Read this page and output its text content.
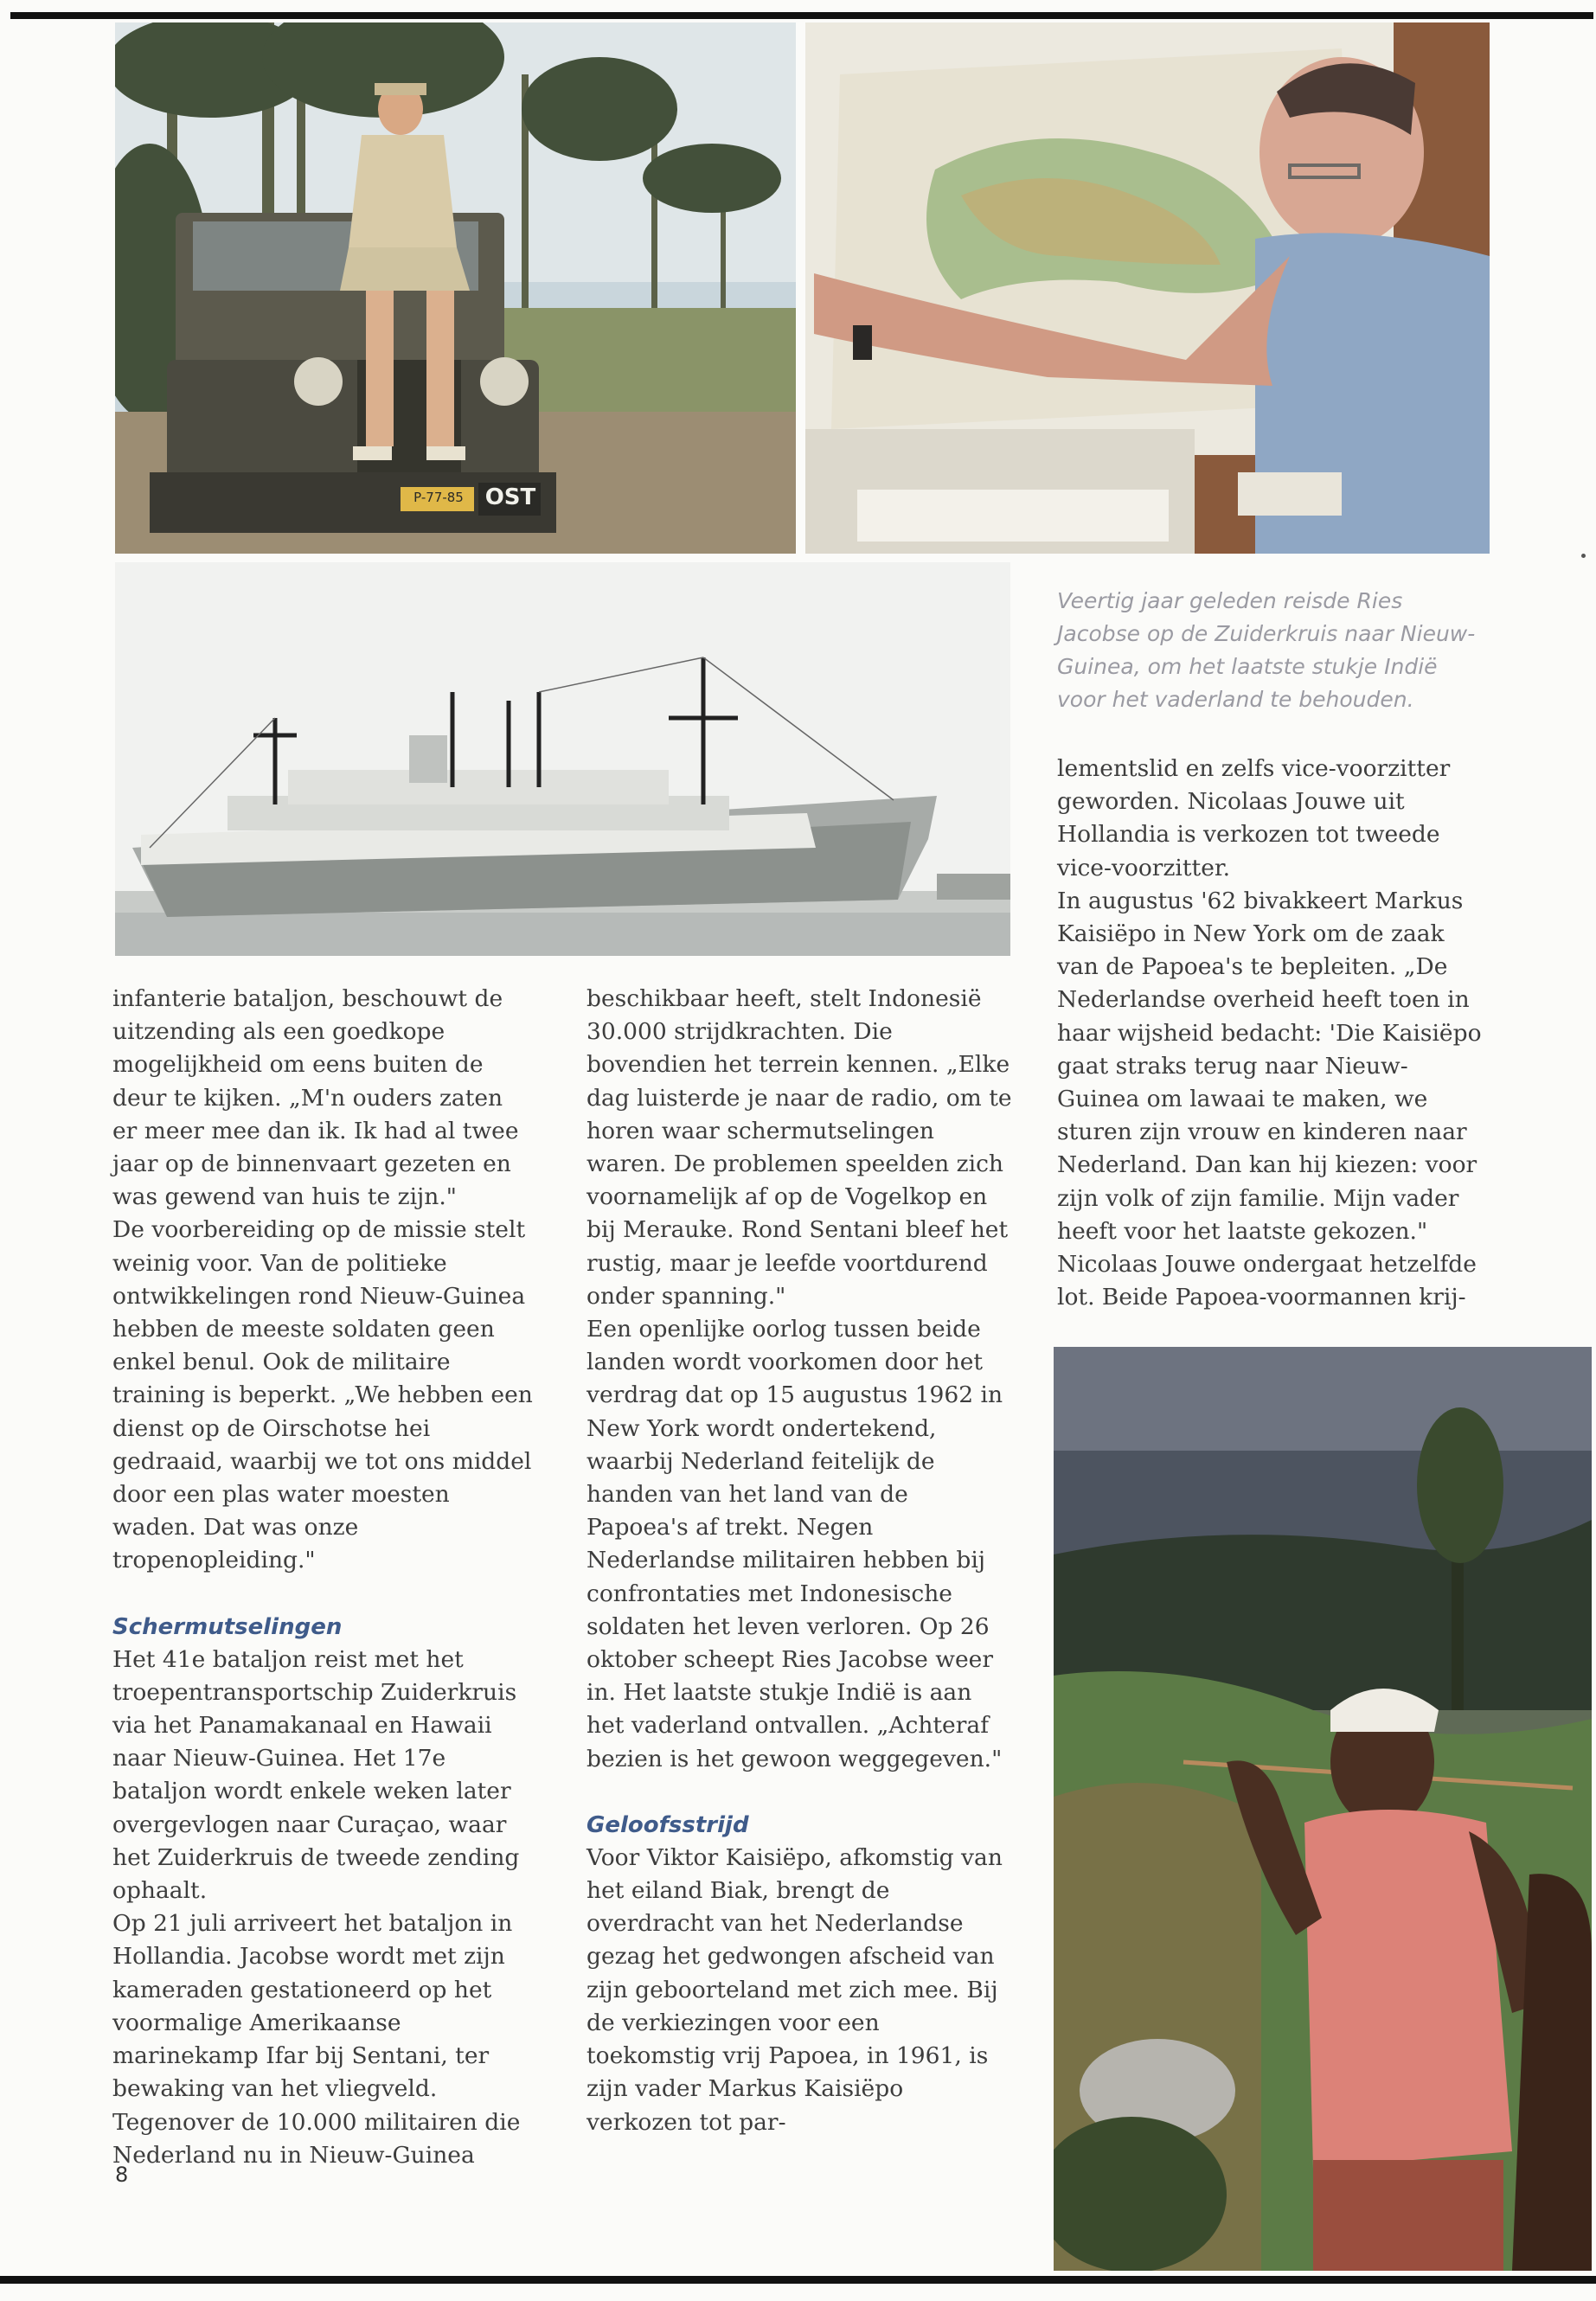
P-77-85 OST
Veertig jaar geleden reisde Ries Jacobse op de Zuiderkruis naar Nieuw-Guinea, om het laatste stukje Indië voor het vaderland te behouden.

infanterie bataljon, beschouwt de uitzending als een goedkope mogelijkheid om eens buiten de deur te kijken. „M'n ouders zaten er meer mee dan ik. Ik had al twee jaar op de binnenvaart gezeten en was gewend van huis te zijn."

De voorbereiding op de missie stelt weinig voor. Van de politieke ontwikkelingen rond Nieuw-Guinea hebben de meeste soldaten geen enkel benul. Ook de militaire training is beperkt. „We hebben een dienst op de Oirschotse hei gedraaid, waarbij we tot ons middel door een plas water moesten waden. Dat was onze tropenopleiding."

Schermutselingen

Het 41e bataljon reist met het troepentransportschip Zuiderkruis via het Panamakanaal en Hawaii naar Nieuw-Guinea. Het 17e bataljon wordt enkele weken later overgevlogen naar Curaçao, waar het Zuiderkruis de tweede zending ophaalt.

Op 21 juli arriveert het bataljon in Hollandia. Jacobse wordt met zijn kameraden gestationeerd op het voormalige Amerikaanse marinekamp Ifar bij Sentani, ter bewaking van het vliegveld.

Tegenover de 10.000 militairen die Nederland nu in Nieuw-Guinea

beschikbaar heeft, stelt Indonesië 30.000 strijdkrachten. Die bovendien het terrein kennen. „Elke dag luisterde je naar de radio, om te horen waar schermutselingen waren. De problemen speelden zich voornamelijk af op de Vogelkop en bij Merauke. Rond Sentani bleef het rustig, maar je leefde voortdurend onder spanning."

Een openlijke oorlog tussen beide landen wordt voorkomen door het verdrag dat op 15 augustus 1962 in New York wordt ondertekend, waarbij Nederland feitelijk de handen van het land van de Papoea's af trekt. Negen Nederlandse militairen hebben bij confrontaties met Indonesische soldaten het leven verloren. Op 26 oktober scheept Ries Jacobse weer in. Het laatste stukje Indië is aan het vaderland ontvallen. „Achteraf bezien is het gewoon weggegeven."

Geloofsstrijd

Voor Viktor Kaisiëpo, afkomstig van het eiland Biak, brengt de overdracht van het Nederlandse gezag het gedwongen afscheid van zijn geboorteland met zich mee. Bij de verkiezingen voor een toekomstig vrij Papoea, in 1961, is zijn vader Markus Kaisiëpo verkozen tot par-

lementslid en zelfs vice-voorzitter geworden. Nicolaas Jouwe uit Hollandia is verkozen tot tweede vice-voorzitter.

In augustus '62 bivakkeert Markus Kaisiëpo in New York om de zaak van de Papoea's te bepleiten. „De Nederlandse overheid heeft toen in haar wijsheid bedacht: 'Die Kaisiëpo gaat straks terug naar Nieuw-Guinea om lawaai te maken, we sturen zijn vrouw en kinderen naar Nederland. Dan kan hij kiezen: voor zijn volk of zijn familie. Mijn vader heeft voor het laatste gekozen."

Nicolaas Jouwe ondergaat hetzelfde lot. Beide Papoea-voormannen krij-

8
